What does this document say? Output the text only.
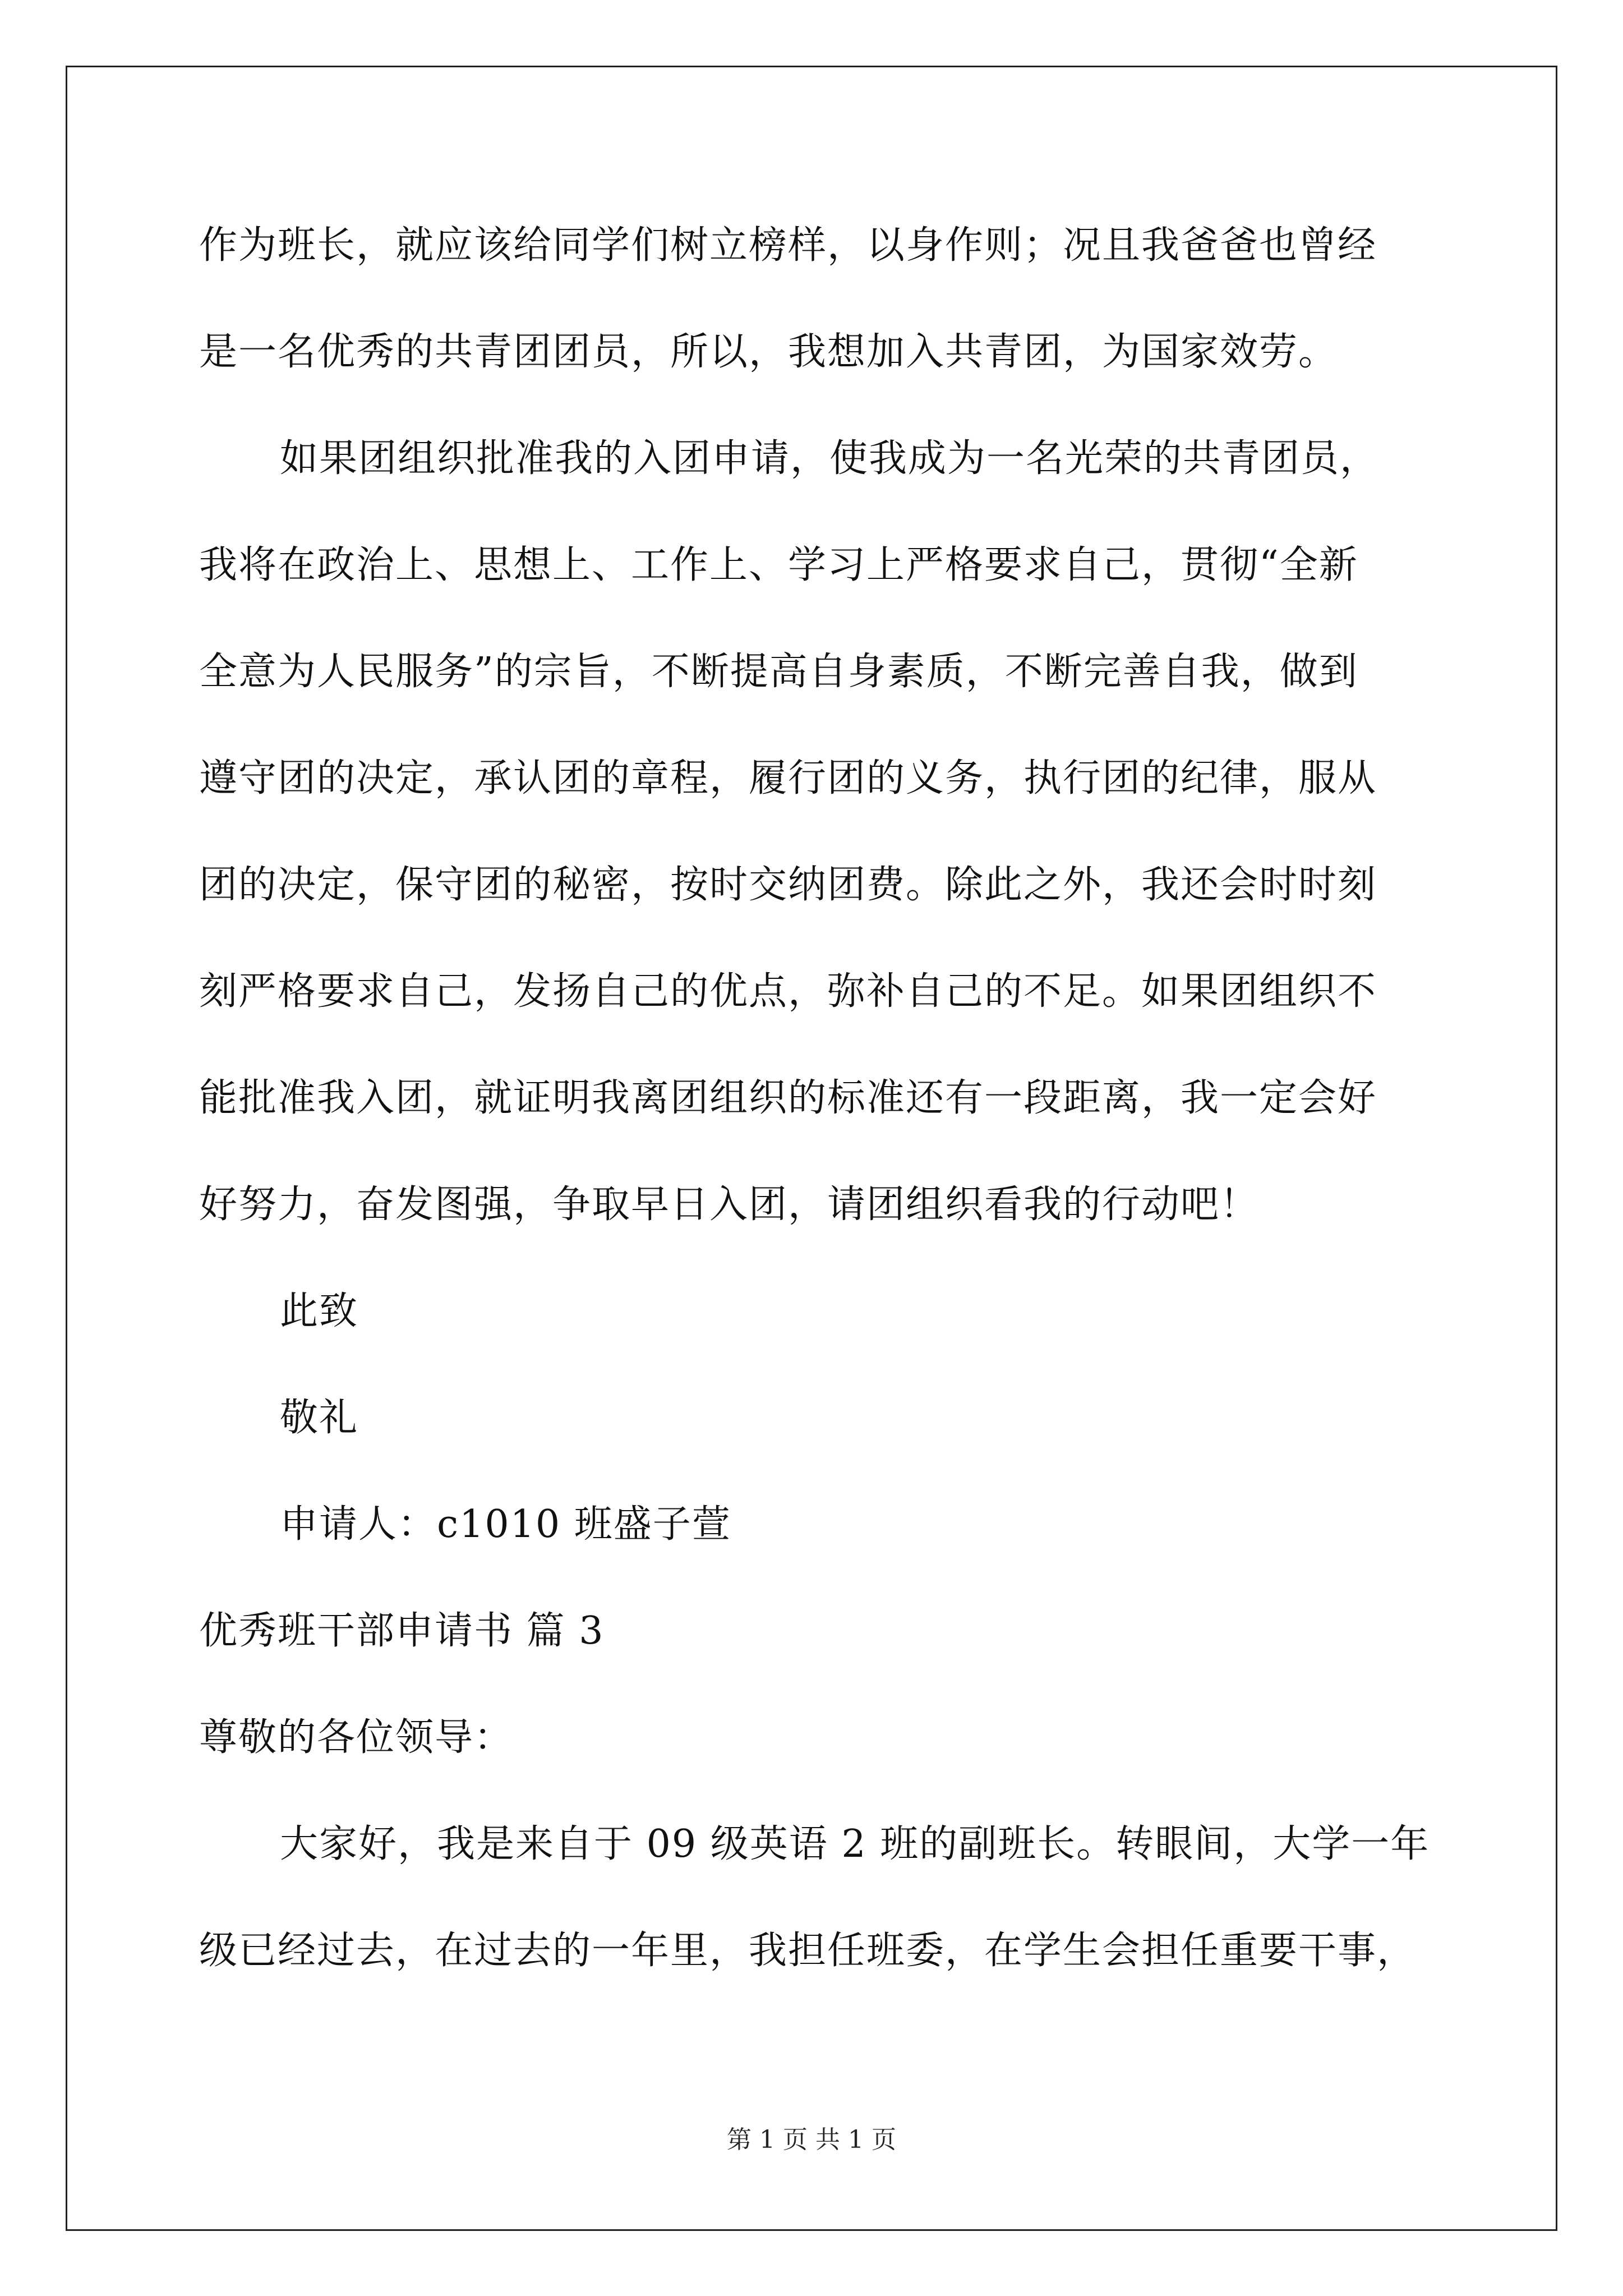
作为班长，就应该给同学们树立榜样，以身作则；况且我爸爸也曾经
是一名优秀的共青团团员，所以，我想加入共青团，为国家效劳。
如果团组织批准我的入团申请，使我成为一名光荣的共青团员，
我将在政治上、思想上、工作上、学习上严格要求自己，贯彻“全新
全意为人民服务”的宗旨，不断提高自身素质，不断完善自我，做到
遵守团的决定，承认团的章程，履行团的义务，执行团的纪律，服从
团的决定，保守团的秘密，按时交纳团费。除此之外，我还会时时刻
刻严格要求自己，发扬自己的优点，弥补自己的不足。如果团组织不
能批准我入团，就证明我离团组织的标准还有一段距离，我一定会好
好努力，奋发图强，争取早日入团，请团组织看我的行动吧！
此致
敬礼
申请人：c1010 班盛子萱
优秀班干部申请书 篇 3
尊敬的各位领导：
大家好，我是来自于 09 级英语 2 班的副班长。转眼间，大学一年
级已经过去，在过去的一年里，我担任班委，在学生会担任重要干事，
第 1 页 共 1 页
